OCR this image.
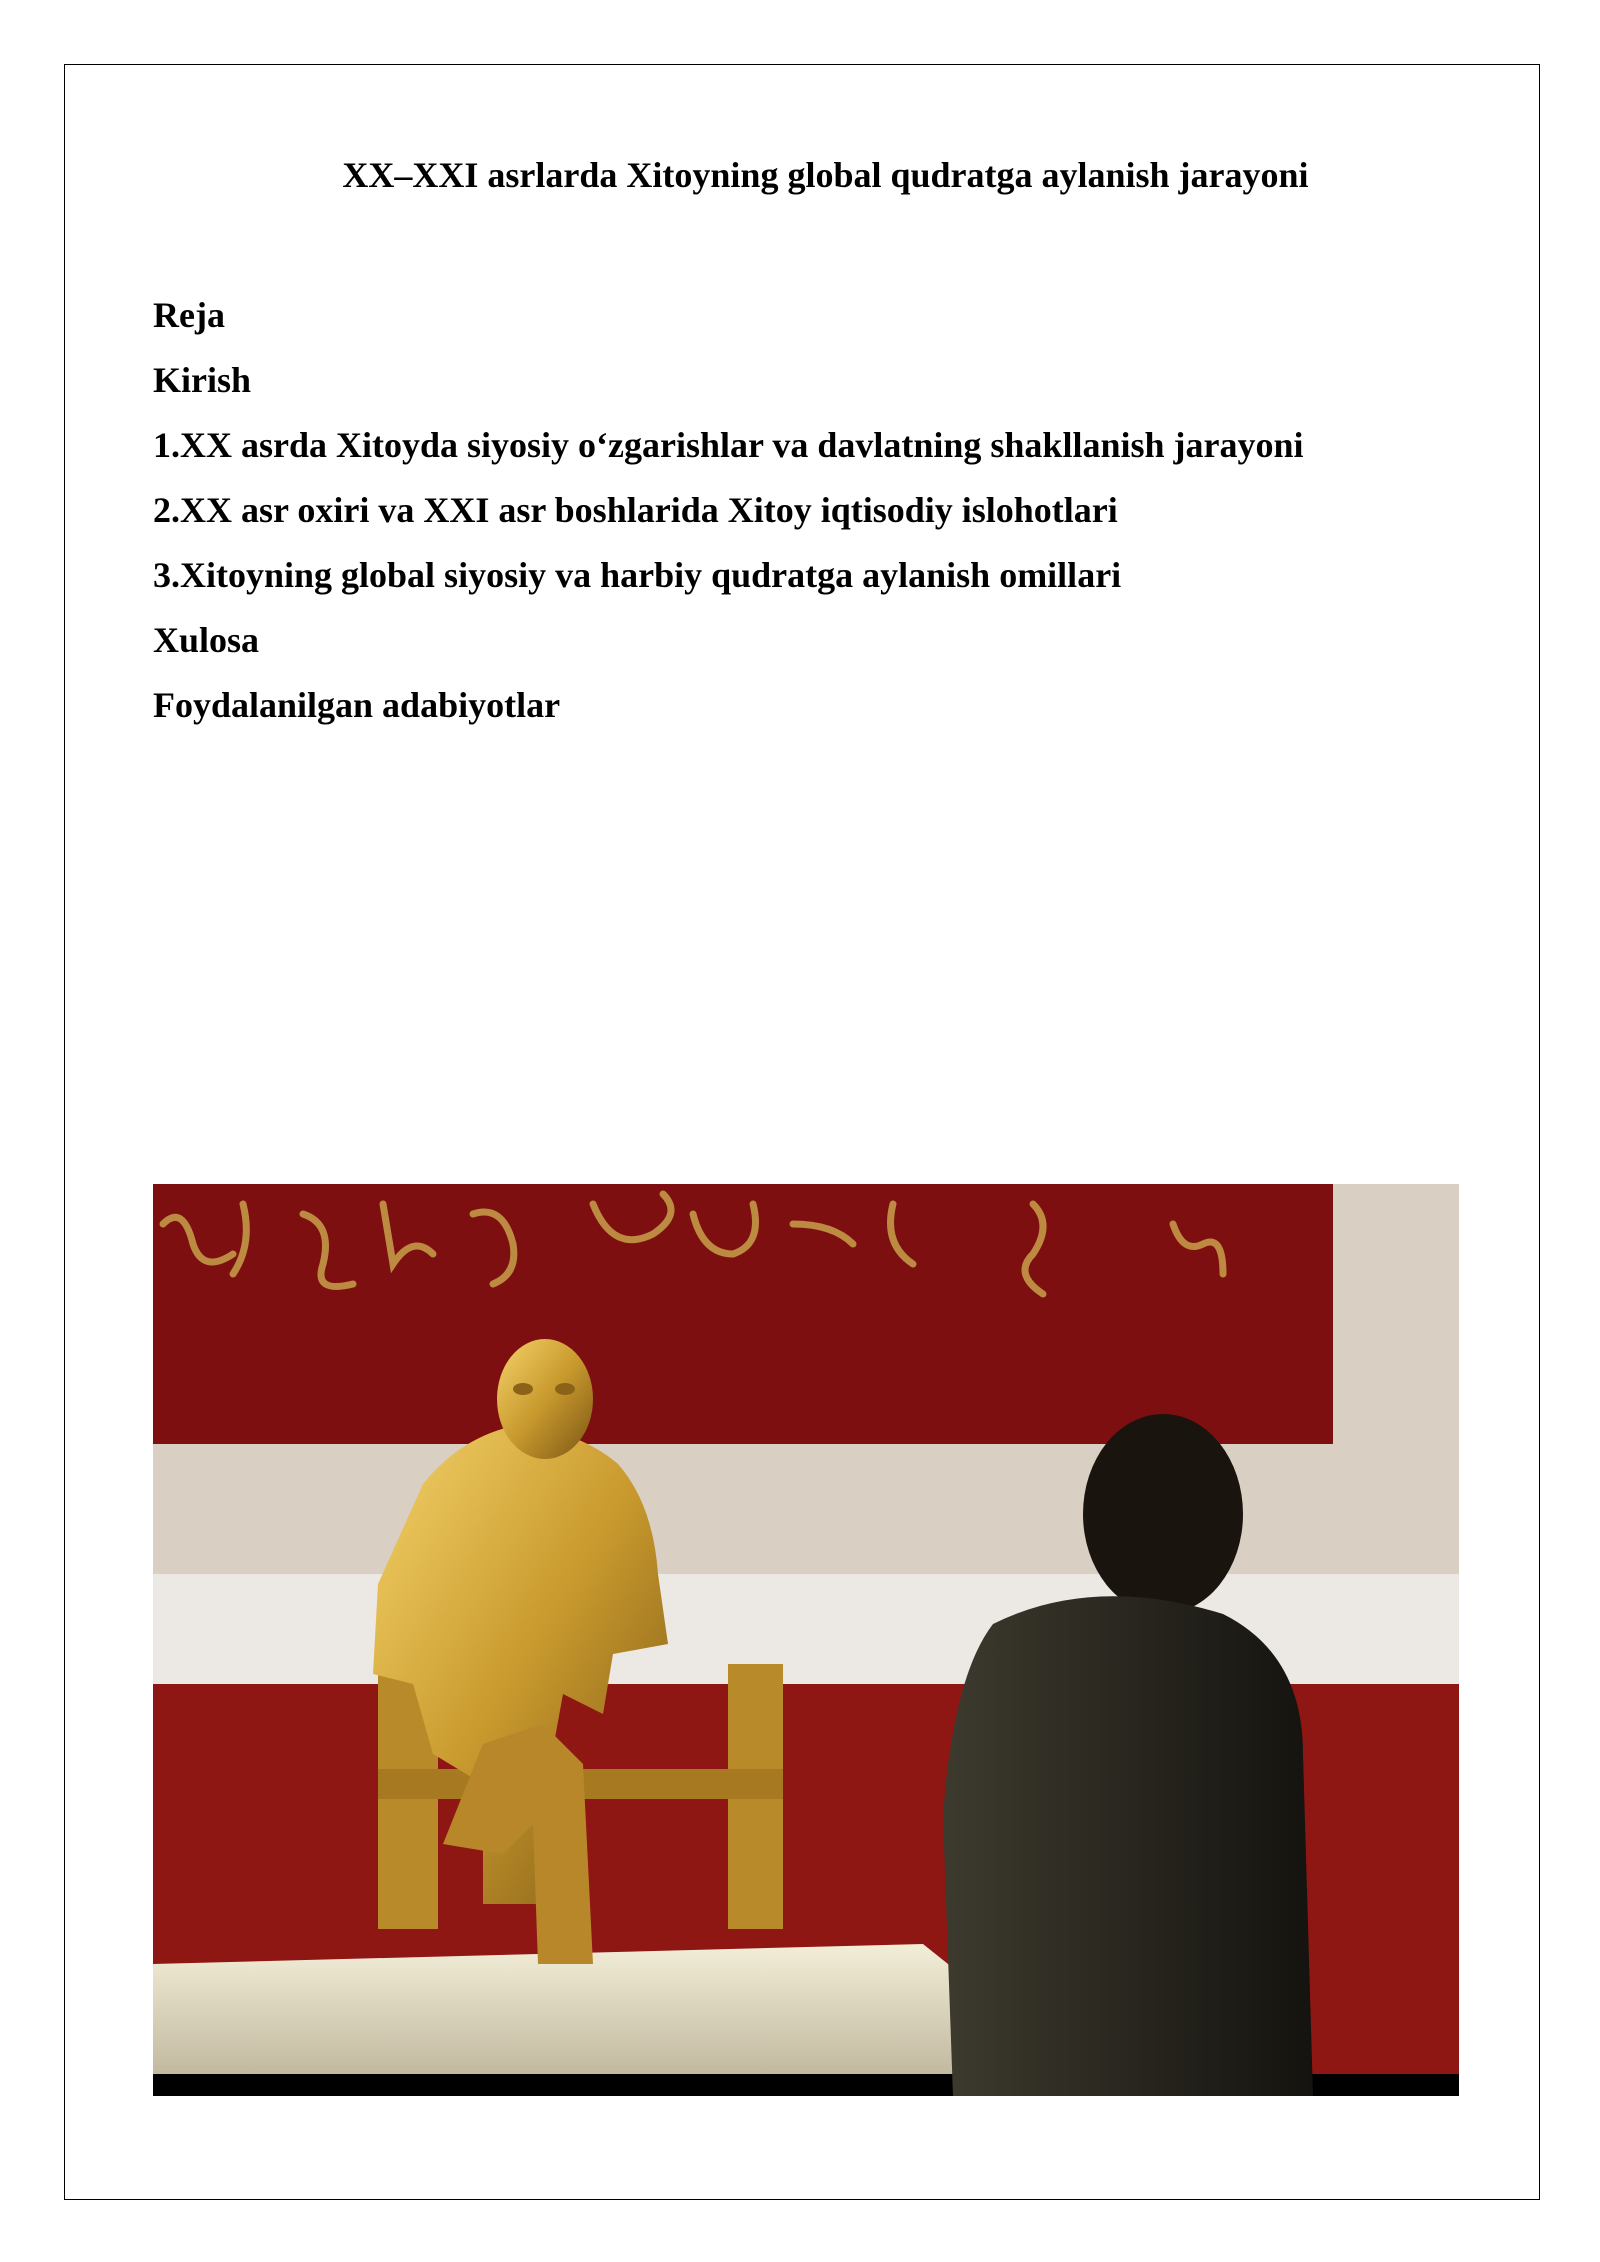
XX–XXI asrlarda Xitoyning global qudratga aylanish jarayoni
Reja
Kirish
1.XX asrda Xitoyda siyosiy o‘zgarishlar va davlatning shakllanish jarayoni
2.XX asr oxiri va XXI asr boshlarida Xitoy iqtisodiy islohotlari
3.Xitoyning global siyosiy va harbiy qudratga aylanish omillari
Xulosa
Foydalanilgan adabiyotlar
